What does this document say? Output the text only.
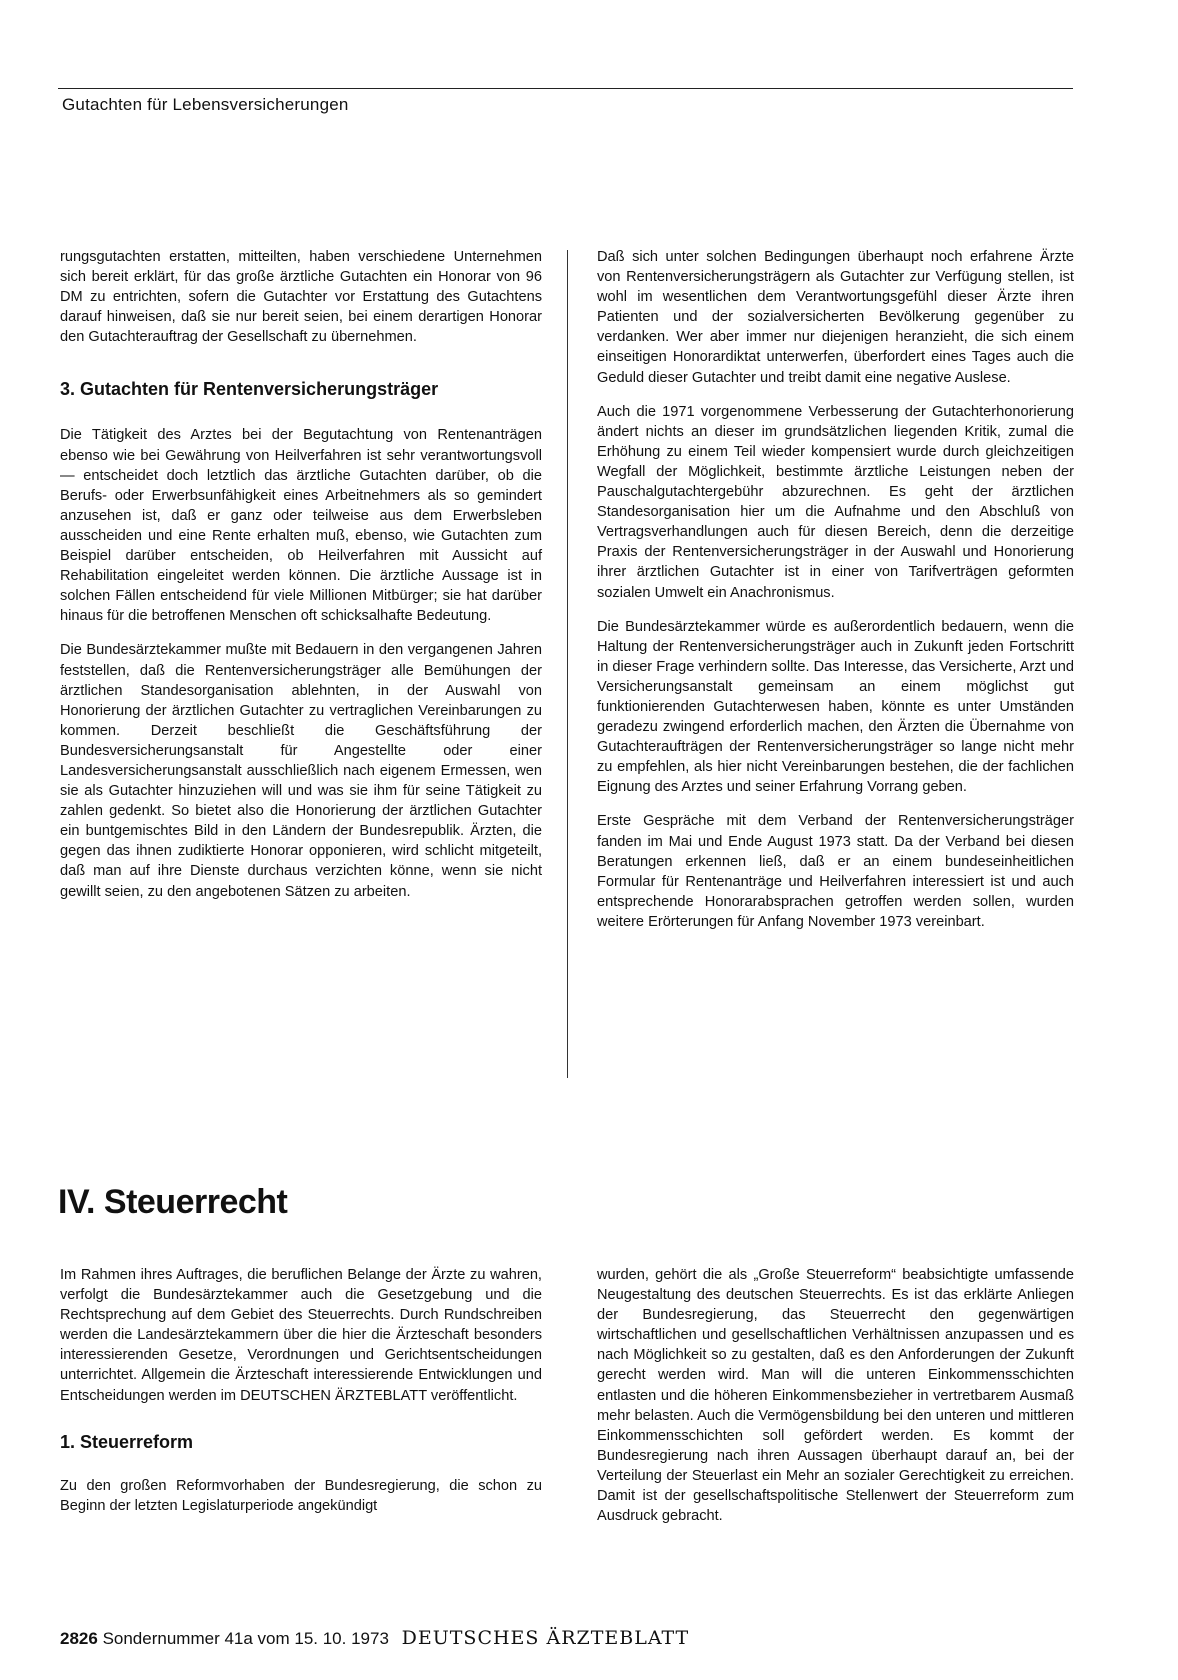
Gutachten für Lebensversicherungen

rungsgutachten erstatten, mitteilten, haben verschiedene Unternehmen sich bereit erklärt, für das große ärztliche Gutachten ein Honorar von 96 DM zu entrichten, sofern die Gutachter vor Erstattung des Gutachtens darauf hinweisen, daß sie nur bereit seien, bei einem derartigen Honorar den Gutachterauftrag der Gesellschaft zu übernehmen.

3. Gutachten für Rentenversicherungsträger

Die Tätigkeit des Arztes bei der Begutachtung von Rentenanträgen ebenso wie bei Gewährung von Heilverfahren ist sehr verantwortungsvoll — entscheidet doch letztlich das ärztliche Gutachten darüber, ob die Berufs- oder Erwerbsunfähigkeit eines Arbeitnehmers als so gemindert anzusehen ist, daß er ganz oder teilweise aus dem Erwerbsleben ausscheiden und eine Rente erhalten muß, ebenso, wie Gutachten zum Beispiel darüber entscheiden, ob Heilverfahren mit Aussicht auf Rehabilitation eingeleitet werden können. Die ärztliche Aussage ist in solchen Fällen entscheidend für viele Millionen Mitbürger; sie hat darüber hinaus für die betroffenen Menschen oft schicksalhafte Bedeutung.

Die Bundesärztekammer mußte mit Bedauern in den vergangenen Jahren feststellen, daß die Rentenversicherungsträger alle Bemühungen der ärztlichen Standesorganisation ablehnten, in der Auswahl von Honorierung der ärztlichen Gutachter zu vertraglichen Vereinbarungen zu kommen. Derzeit beschließt die Geschäftsführung der Bundesversicherungsanstalt für Angestellte oder einer Landesversicherungsanstalt ausschließlich nach eigenem Ermessen, wen sie als Gutachter hinzuziehen will und was sie ihm für seine Tätigkeit zu zahlen gedenkt. So bietet also die Honorierung der ärztlichen Gutachter ein buntgemischtes Bild in den Ländern der Bundesrepublik. Ärzten, die gegen das ihnen zudiktierte Honorar opponieren, wird schlicht mitgeteilt, daß man auf ihre Dienste durchaus verzichten könne, wenn sie nicht gewillt seien, zu den angebotenen Sätzen zu arbeiten.

Daß sich unter solchen Bedingungen überhaupt noch erfahrene Ärzte von Rentenversicherungsträgern als Gutachter zur Verfügung stellen, ist wohl im wesentlichen dem Verantwortungsgefühl dieser Ärzte ihren Patienten und der sozialversicherten Bevölkerung gegenüber zu verdanken. Wer aber immer nur diejenigen heranzieht, die sich einem einseitigen Honorardiktat unterwerfen, überfordert eines Tages auch die Geduld dieser Gutachter und treibt damit eine negative Auslese.

Auch die 1971 vorgenommene Verbesserung der Gutachterhonorierung ändert nichts an dieser im grundsätzlichen liegenden Kritik, zumal die Erhöhung zu einem Teil wieder kompensiert wurde durch gleichzeitigen Wegfall der Möglichkeit, bestimmte ärztliche Leistungen neben der Pauschalgutachtergebühr abzurechnen. Es geht der ärztlichen Standesorganisation hier um die Aufnahme und den Abschluß von Vertragsverhandlungen auch für diesen Bereich, denn die derzeitige Praxis der Rentenversicherungsträger in der Auswahl und Honorierung ihrer ärztlichen Gutachter ist in einer von Tarifverträgen geformten sozialen Umwelt ein Anachronismus.

Die Bundesärztekammer würde es außerordentlich bedauern, wenn die Haltung der Rentenversicherungsträger auch in Zukunft jeden Fortschritt in dieser Frage verhindern sollte. Das Interesse, das Versicherte, Arzt und Versicherungsanstalt gemeinsam an einem möglichst gut funktionierenden Gutachterwesen haben, könnte es unter Umständen geradezu zwingend erforderlich machen, den Ärzten die Übernahme von Gutachteraufträgen der Rentenversicherungsträger so lange nicht mehr zu empfehlen, als hier nicht Vereinbarungen bestehen, die der fachlichen Eignung des Arztes und seiner Erfahrung Vorrang geben.

Erste Gespräche mit dem Verband der Rentenversicherungsträger fanden im Mai und Ende August 1973 statt. Da der Verband bei diesen Beratungen erkennen ließ, daß er an einem bundeseinheitlichen Formular für Rentenanträge und Heilverfahren interessiert ist und auch entsprechende Honorarabsprachen getroffen werden sollen, wurden weitere Erörterungen für Anfang November 1973 vereinbart.

IV. Steuerrecht

Im Rahmen ihres Auftrages, die beruflichen Belange der Ärzte zu wahren, verfolgt die Bundesärztekammer auch die Gesetzgebung und die Rechtsprechung auf dem Gebiet des Steuerrechts. Durch Rundschreiben werden die Landesärztekammern über die hier die Ärzteschaft besonders interessierenden Gesetze, Verordnungen und Gerichtsentscheidungen unterrichtet. Allgemein die Ärzteschaft interessierende Entwicklungen und Entscheidungen werden im DEUTSCHEN ÄRZTEBLATT veröffentlicht.

1. Steuerreform

Zu den großen Reformvorhaben der Bundesregierung, die schon zu Beginn der letzten Legislaturperiode angekündigt

wurden, gehört die als „Große Steuerreform“ beabsichtigte umfassende Neugestaltung des deutschen Steuerrechts. Es ist das erklärte Anliegen der Bundesregierung, das Steuerrecht den gegenwärtigen wirtschaftlichen und gesellschaftlichen Verhältnissen anzupassen und es nach Möglichkeit so zu gestalten, daß es den Anforderungen der Zukunft gerecht werden wird. Man will die unteren Einkommensschichten entlasten und die höheren Einkommensbezieher in vertretbarem Ausmaß mehr belasten. Auch die Vermögensbildung bei den unteren und mittleren Einkommensschichten soll gefördert werden. Es kommt der Bundesregierung nach ihren Aussagen überhaupt darauf an, bei der Verteilung der Steuerlast ein Mehr an sozialer Gerechtigkeit zu erreichen. Damit ist der gesellschaftspolitische Stellenwert der Steuerreform zum Ausdruck gebracht.

2826 Sondernummer 41a vom 15. 10. 1973 DEUTSCHES ÄRZTEBLATT
